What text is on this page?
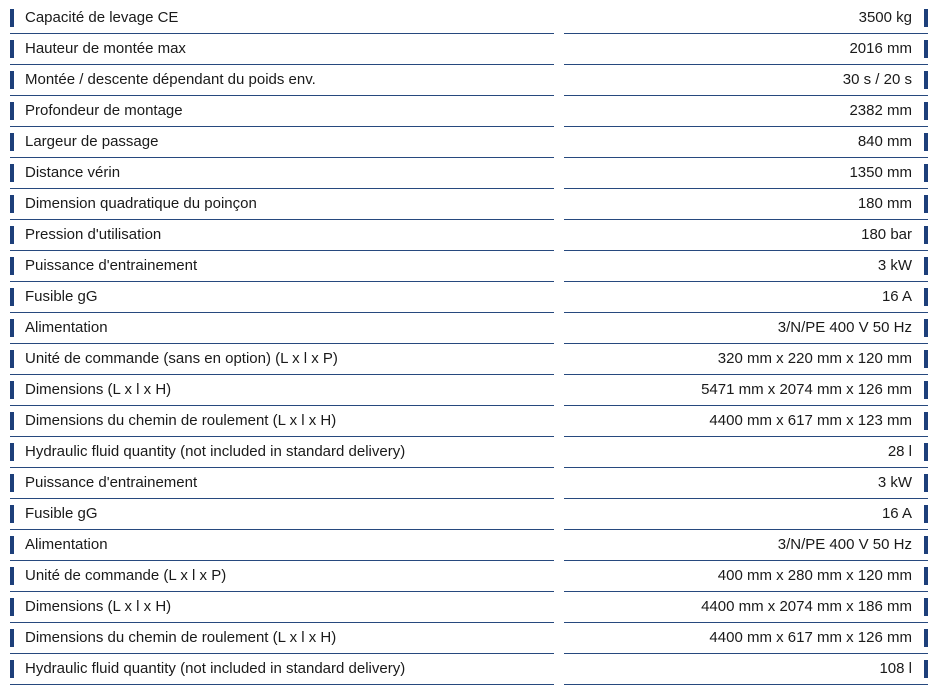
Capacité de levage CE	3500 kg
Hauteur de montée max	2016 mm
Montée / descente dépendant du poids env.	30 s / 20 s
Profondeur de montage	2382 mm
Largeur de passage	840 mm
Distance vérin	1350 mm
Dimension quadratique du poinçon	180 mm
Pression d'utilisation	180 bar
Puissance d'entrainement	3 kW
Fusible gG	16 A
Alimentation	3/N/PE 400 V 50 Hz
Unité de commande (sans en option) (L x l x P)	320 mm x 220 mm x 120 mm
Dimensions (L x l x H)	5471 mm x 2074 mm x 126 mm
Dimensions du chemin de roulement (L x l x H)	4400 mm x 617 mm x 123 mm
Hydraulic fluid quantity (not included in standard delivery)	28 l
Puissance d'entrainement	3 kW
Fusible gG	16 A
Alimentation	3/N/PE 400 V 50 Hz
Unité de commande (L x l x P)	400 mm x 280 mm x 120 mm
Dimensions (L x l x H)	4400 mm x 2074 mm x 186 mm
Dimensions du chemin de roulement (L x l x H)	4400 mm x 617 mm x 126 mm
Hydraulic fluid quantity (not included in standard delivery)	108 l
